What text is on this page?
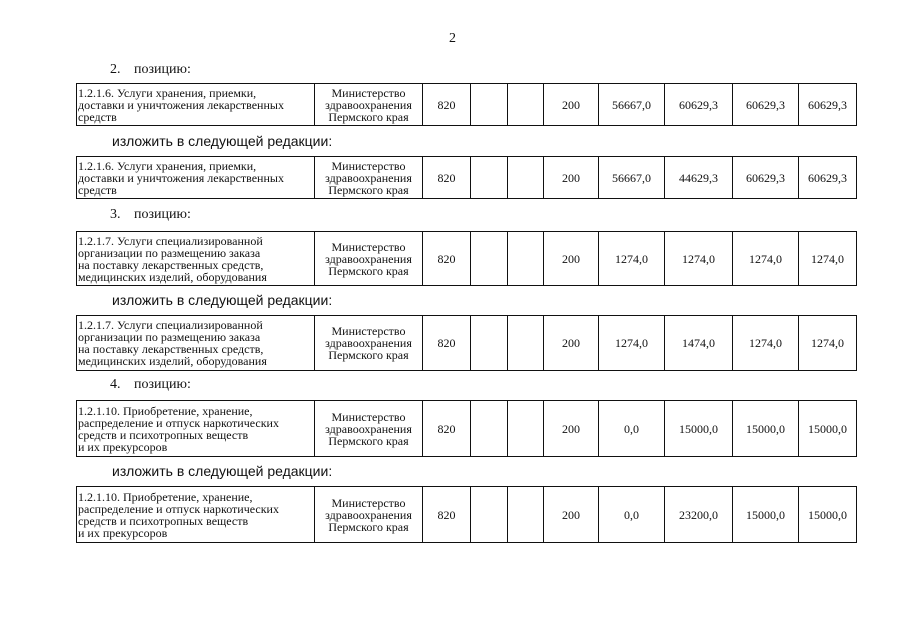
2
2. позицию:
1.2.1.6. Услуги хранения, приемки,
доставки и уничтожения лекарственных
средств

Министерство
здравоохранения
Пермского края
	820			200	56667,0	60629,3	60629,3	60629,3
изложить в следующей редакции:
1.2.1.6. Услуги хранения, приемки,
доставки и уничтожения лекарственных
средств

Министерство
здравоохранения
Пермского края
	820			200	56667,0	44629,3	60629,3	60629,3
3. позицию:
1.2.1.7. Услуги специализированной
организации по размещению заказа
на поставку лекарственных средств,
медицинских изделий, оборудования

Министерство
здравоохранения
Пермского края
	820			200	1274,0	1274,0	1274,0	1274,0
изложить в следующей редакции:
1.2.1.7. Услуги специализированной
организации по размещению заказа
на поставку лекарственных средств,
медицинских изделий, оборудования

Министерство
здравоохранения
Пермского края
	820			200	1274,0	1474,0	1274,0	1274,0
4. позицию:
1.2.1.10. Приобретение, хранение,
распределение и отпуск наркотических
средств и психотропных веществ
и их прекурсоров

Министерство
здравоохранения
Пермского края
	820			200	0,0	15000,0	15000,0	15000,0
изложить в следующей редакции:
1.2.1.10. Приобретение, хранение,
распределение и отпуск наркотических
средств и психотропных веществ
и их прекурсоров

Министерство
здравоохранения
Пермского края
	820			200	0,0	23200,0	15000,0	15000,0
